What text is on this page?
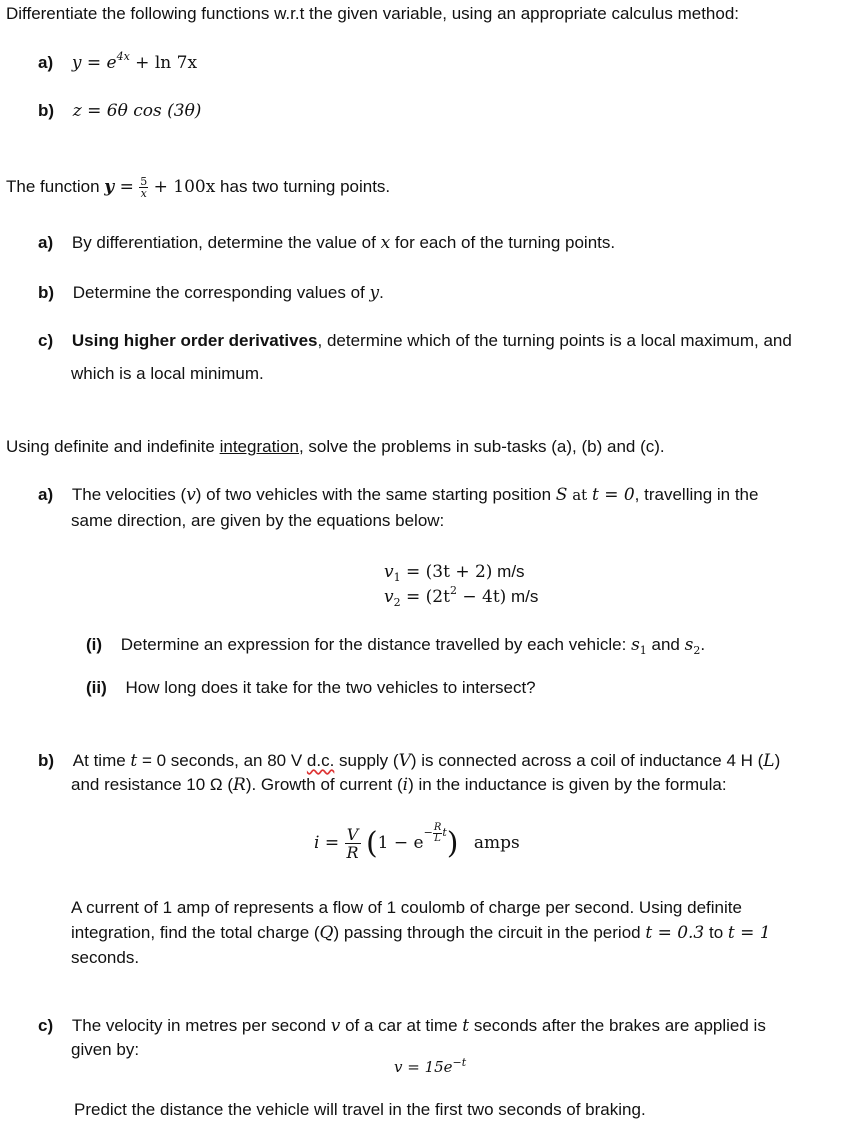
Differentiate the following functions w.r.t the given variable, using an appropriate calculus method:
a) $y = e^{4x} + \ln 7x$
b) z = 6θ cos (3θ)
The function $y = \frac{5}{x} + 100x$ has two turning points.
a) By differentiation, determine the value of x for each of the turning points.
b) Determine the corresponding values of y.
c) Using higher order derivatives, determine which of the turning points is a local maximum, and
which is a local minimum.
Using definite and indefinite integration, solve the problems in sub-tasks (a), (b) and (c).
a) The velocities (v) of two vehicles with the same starting position S at t = 0, travelling in the
same direction, are given by the equations below:
$v_1 = (3t + 2)$ m/s
$v_2 = (2t^2 - 4t)$ m/s
(i) Determine an expression for the distance travelled by each vehicle: $s_1$ and $s_2$.
(ii) How long does it take for the two vehicles to intersect?
b) At time t = 0 seconds, an 80 V d.c. supply (V) is connected across a coil of inductance 4 H (L)
and resistance 10 Ω (R). Growth of current (i) in the inductance is given by the formula:
$i = \frac{V}{R} (1 - e^{- \frac{R}{L} t})$ amps
A current of 1 amp of represents a flow of 1 coulomb of charge per second. Using definite
integration, find the total charge (Q) passing through the circuit in the period t = 0.3 to t = 1
seconds.
c) The velocity in metres per second v of a car at time t seconds after the brakes are applied is
given by:
$v = 15e^{-t}$
Predict the distance the vehicle will travel in the first two seconds of braking.
